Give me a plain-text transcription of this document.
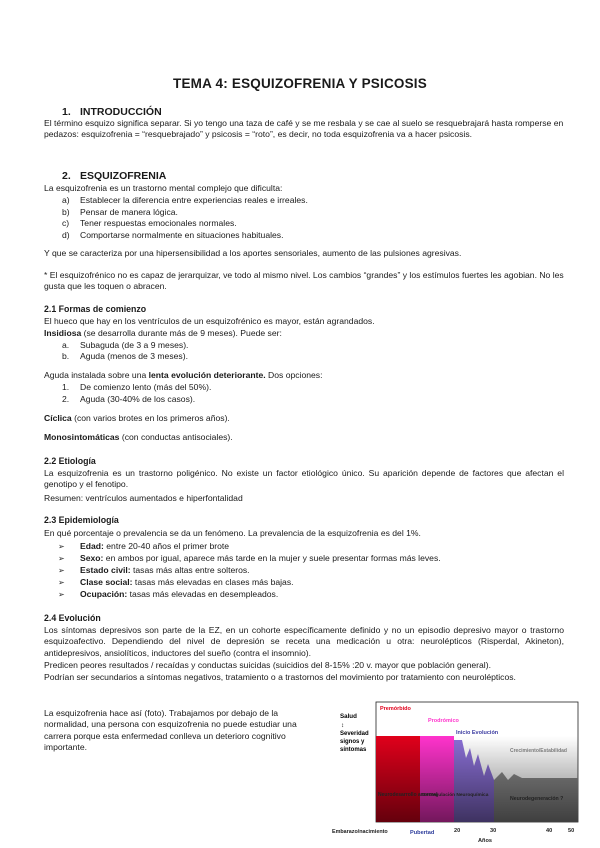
TEMA 4: ESQUIZOFRENIA Y PSICOSIS
1. INTRODUCCIÓN
El término esquizo significa separar. Si yo tengo una taza de café y se me resbala y se cae al suelo se resquebrajará hasta romperse en pedazos: esquizofrenia = “resquebrajado” y psicosis = “roto”, es decir, no toda esquizofrenia va a hacer psicosis.
2. ESQUIZOFRENIA
La esquizofrenia es un trastorno mental complejo que dificulta:
a) Establecer la diferencia entre experiencias reales e irreales.
b) Pensar de manera lógica.
c) Tener respuestas emocionales normales.
d) Comportarse normalmente en situaciones habituales.
Y que se caracteriza por una hipersensibilidad a los aportes sensoriales, aumento de las pulsiones agresivas.
* El esquizofrénico no es capaz de jerarquizar, ve todo al mismo nivel. Los cambios “grandes” y los estímulos fuertes les agobian. No les gusta que les toquen o abracen.
2.1 Formas de comienzo
El hueco que hay en los ventrículos de un esquizofrénico es mayor, están agrandados.
Insidiosa (se desarrolla durante más de 9 meses). Puede ser:
a. Subaguda (de 3 a 9 meses).
b. Aguda (menos de 3 meses).
Aguda instalada sobre una lenta evolución deteriorante. Dos opciones:
1. De comienzo lento (más del 50%).
2. Aguda (30-40% de los casos).
Cíclica (con varios brotes en los primeros años).
Monosintomáticas (con conductas antisociales).
2.2 Etiología
La esquizofrenia es un trastorno poligénico. No existe un factor etiológico único. Su aparición depende de factores que afectan el genotipo y el fenotipo.
Resumen: ventrículos aumentados e hiperfontalidad
2.3 Epidemiología
En qué porcentaje o prevalencia se da un fenómeno. La prevalencia de la esquizofrenia es del 1%.
➢ Edad: entre 20-40 años el primer brote
➢ Sexo: en ambos por igual, aparece más tarde en la mujer y suele presentar formas más leves.
➢ Estado civil: tasas más altas entre solteros.
➢ Clase social: tasas más elevadas en clases más bajas.
➢ Ocupación: tasas más elevadas en desempleados.
2.4 Evolución
Los síntomas depresivos son parte de la EZ, en un cohorte específicamente definido y no un episodio depresivo mayor o trastorno esquizoafectivo. Dependiendo del nivel de depresión se receta una medicación u otra: neurolépticos (Risperdal, Akineton), antidepresivos, ansiolíticos, inductores del sueño (contra el insomnio).
Predicen peores resultados / recaídas y conductas suicidas (suicidios del 8-15% :20 v. mayor que población general).
Podrían ser secundarios a síntomas negativos, tratamiento o a trastornos del movimiento por tratamiento con neurolépticos.
La esquizofrenia hace así (foto). Trabajamos por debajo de la normalidad, una persona con esquizofrenia no puede estudiar una carrera porque esta enfermedad conlleva un deterioro cognitivo importante.
Salud
↕
Severidad
signos y
síntomas
Premórbido
Prodrómico
Inicio Evolución
Neurodesarrollo anormal
Desregulación Neuroquímica
Neurodegeneración ?
Embarazo/nacimiento	Pubertad	20	30	40	50
Años
